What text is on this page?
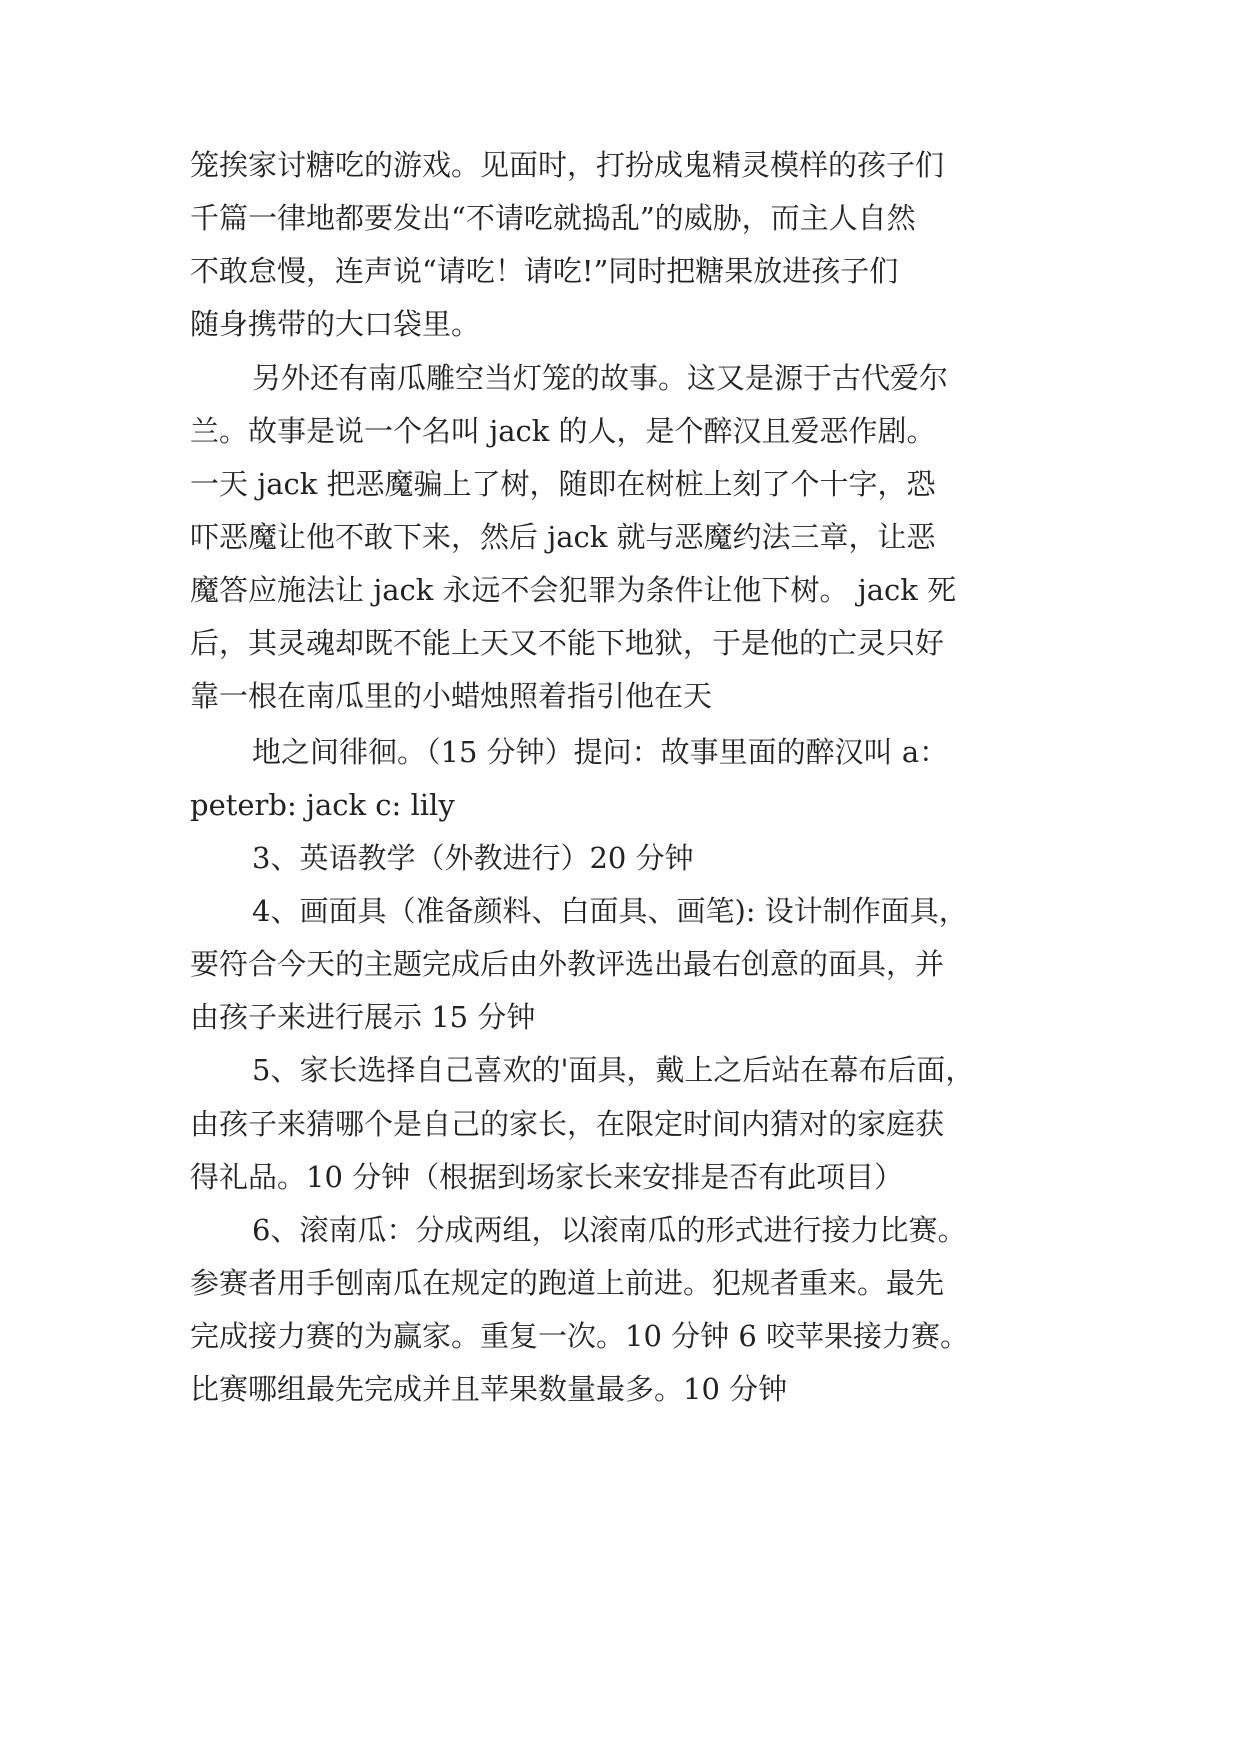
笼挨家讨糖吃的游戏。见面时，打扮成鬼精灵模样的孩子们
千篇一律地都要发出“不请吃就捣乱”的威胁，而主人自然
不敢怠慢，连声说“请吃！请吃!”同时把糖果放进孩子们
随身携带的大口袋里。
另外还有南瓜雕空当灯笼的故事。这又是源于古代爱尔
兰。故事是说一个名叫 jack 的人，是个醉汉且爱恶作剧。
一天 jack 把恶魔骗上了树，随即在树桩上刻了个十字，恐
吓恶魔让他不敢下来，然后 jack 就与恶魔约法三章，让恶
魔答应施法让 jack 永远不会犯罪为条件让他下树。 jack 死
后，其灵魂却既不能上天又不能下地狱，于是他的亡灵只好
靠一根在南瓜里的小蜡烛照着指引他在天
地之间徘徊。（15 分钟）提问：故事里面的醉汉叫 a：
peterb: jack c: lily
3、英语教学（外教进行）20 分钟
4、画面具（准备颜料、白面具、画笔): 设计制作面具，
要符合今天的主题完成后由外教评选出最右创意的面具，并
由孩子来进行展示 15 分钟
5、家长选择自己喜欢的'面具，戴上之后站在幕布后面，
由孩子来猜哪个是自己的家长，在限定时间内猜对的家庭获
得礼品。10 分钟（根据到场家长来安排是否有此项目）
6、滚南瓜：分成两组，以滚南瓜的形式进行接力比赛。
参赛者用手刨南瓜在规定的跑道上前进。犯规者重来。最先
完成接力赛的为赢家。重复一次。10 分钟 6 咬苹果接力赛。
比赛哪组最先完成并且苹果数量最多。10 分钟
